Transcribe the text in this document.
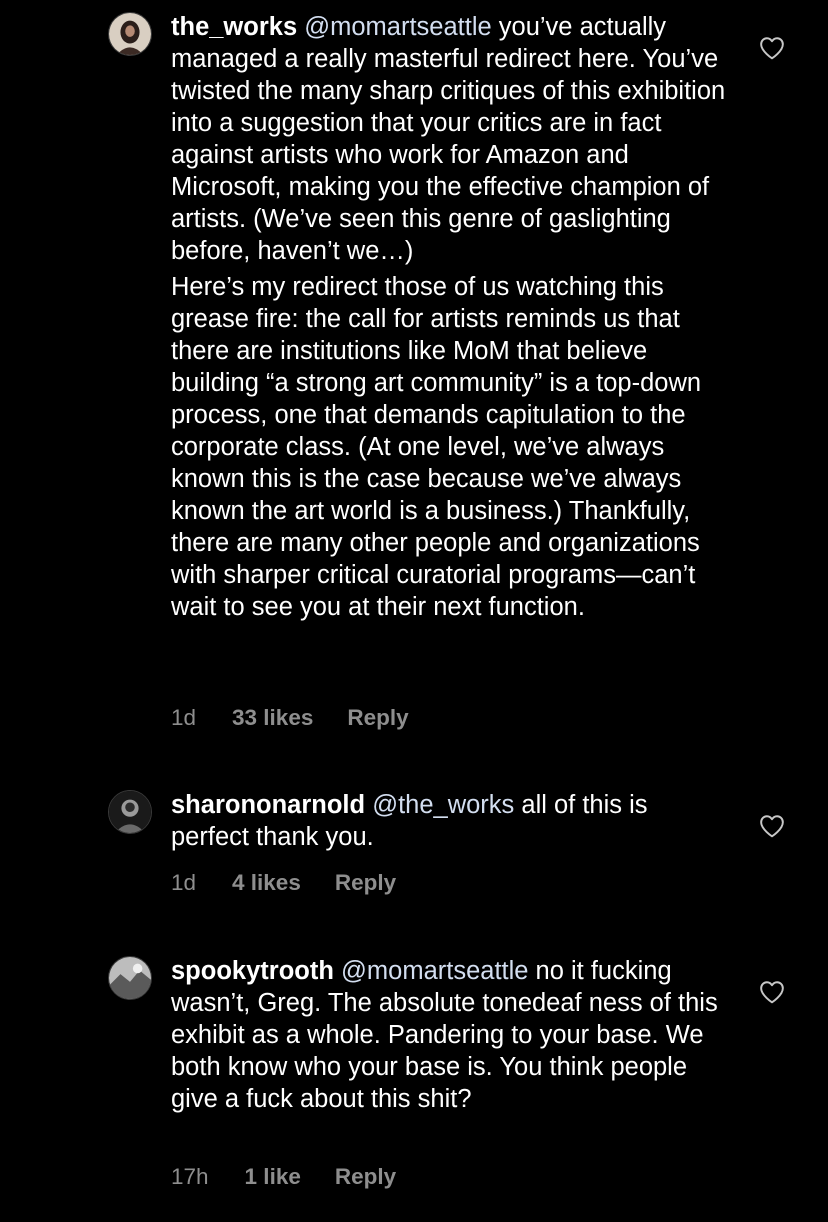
the_works @momartseattle you’ve actually managed a really masterful redirect here. You’ve twisted the many sharp critiques of this exhibition into a suggestion that your critics are in fact against artists who work for Amazon and Microsoft, making you the effective champion of artists. (We’ve seen this genre of gaslighting before, haven’t we…)
Here’s my redirect those of us watching this grease fire: the call for artists reminds us that there are institutions like MoM that believe building “a strong art community” is a top-down process, one that demands capitulation to the corporate class. (At one level, we’ve always known this is the case because we’ve always known the art world is a business.) Thankfully, there are many other people and organizations with sharper critical curatorial programs—can’t wait to see you at their next function.

1d 33 likes Reply

sharononarnold @the_works all of this is perfect thank you.

1d 4 likes Reply

spookytrooth @momartseattle no it fucking wasn’t, Greg. The absolute tonedeaf ness of this exhibit as a whole. Pandering to your base. We both know who your base is. You think people give a fuck about this shit?

17h 1 like Reply
